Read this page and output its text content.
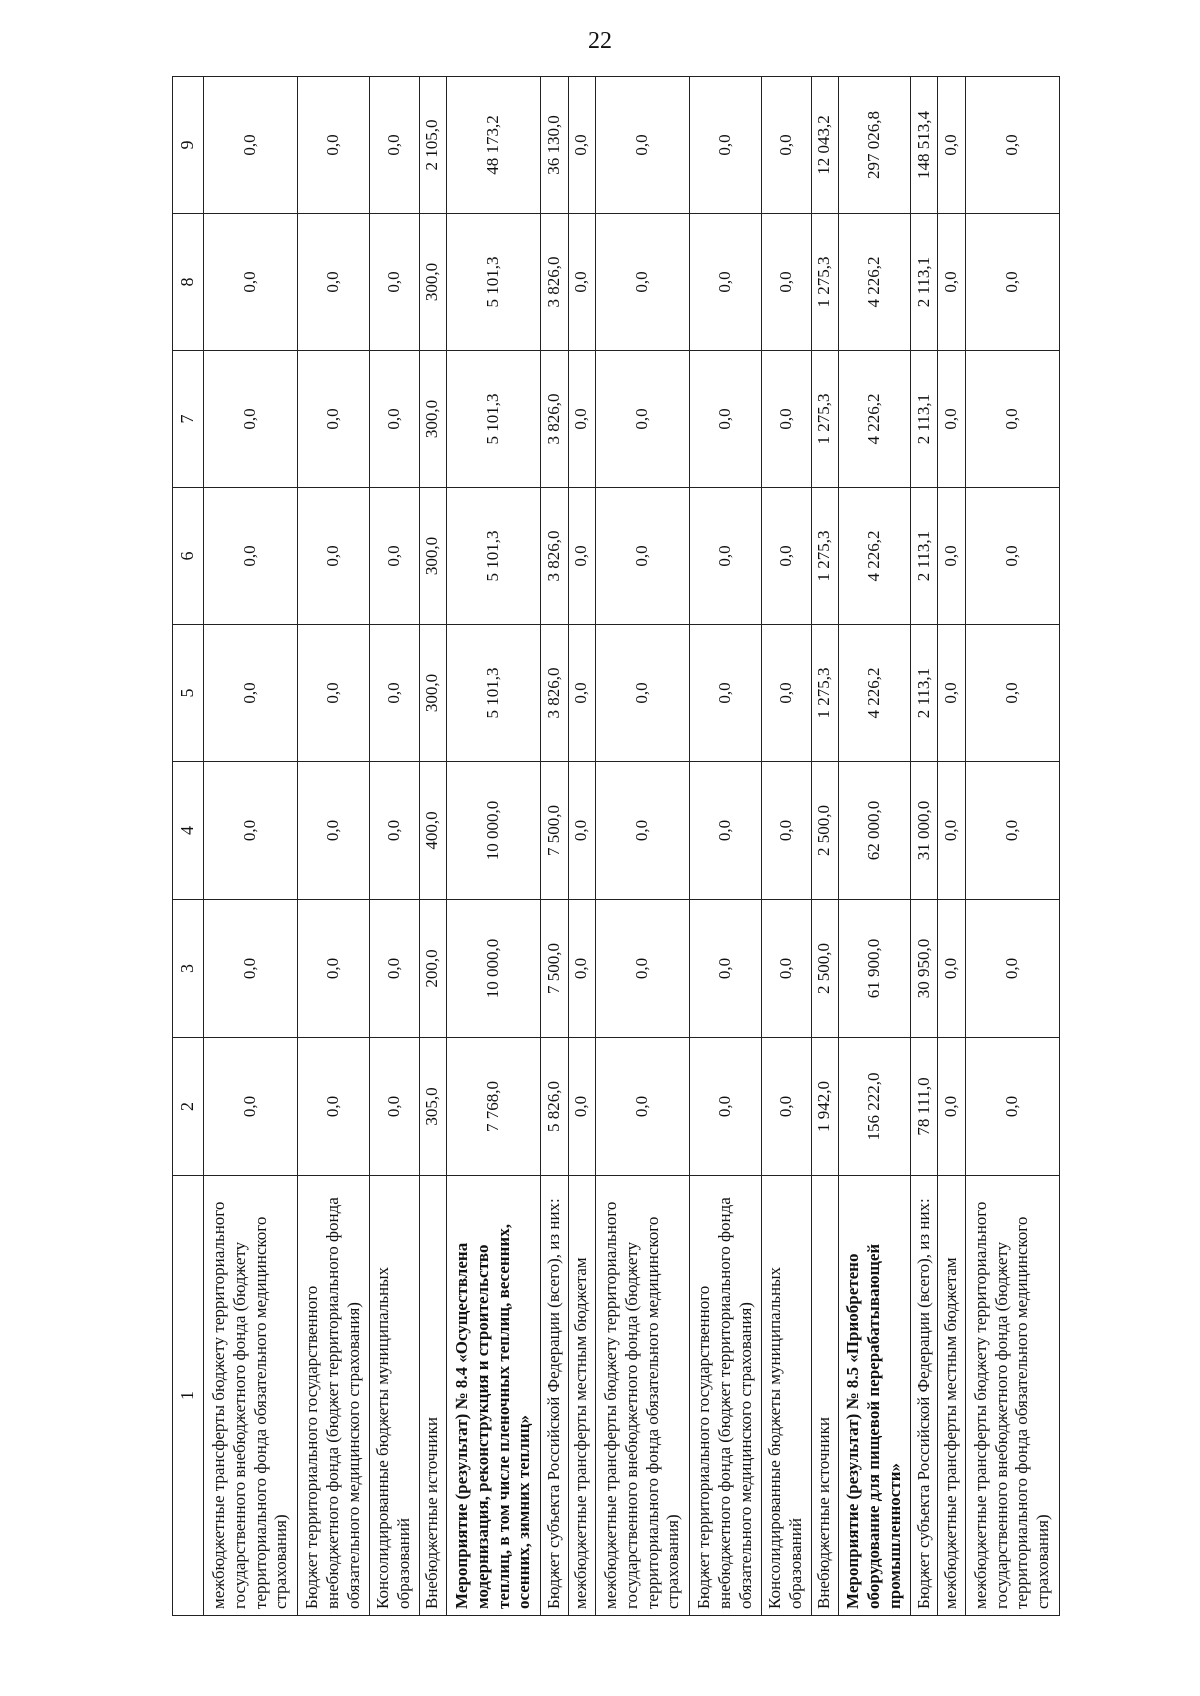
22
1	2	3	4	5	6	7	8	9
межбюджетные трансферты бюджету территориального государственного внебюджетного фонда (бюджету территориального фонда обязательного медицинского страхования)	0,0	0,0	0,0	0,0	0,0	0,0	0,0	0,0
Бюджет территориального государственного внебюджетного фонда (бюджет территориального фонда обязательного медицинского страхования)	0,0	0,0	0,0	0,0	0,0	0,0	0,0	0,0
Консолидированные бюджеты муниципальных образований	0,0	0,0	0,0	0,0	0,0	0,0	0,0	0,0
Внебюджетные источники	305,0	200,0	400,0	300,0	300,0	300,0	300,0	2 105,0
Мероприятие (результат) № 8.4 «Осуществлена модернизация, реконструкция и строительство теплиц, в том числе пленочных теплиц, весенних, осенних, зимних теплиц»	7 768,0	10 000,0	10 000,0	5 101,3	5 101,3	5 101,3	5 101,3	48 173,2
Бюджет субъекта Российской Федерации (всего), из них:	5 826,0	7 500,0	7 500,0	3 826,0	3 826,0	3 826,0	3 826,0	36 130,0
межбюджетные трансферты местным бюджетам	0,0	0,0	0,0	0,0	0,0	0,0	0,0	0,0
межбюджетные трансферты бюджету территориального государственного внебюджетного фонда (бюджету территориального фонда обязательного медицинского страхования)	0,0	0,0	0,0	0,0	0,0	0,0	0,0	0,0
Бюджет территориального государственного внебюджетного фонда (бюджет территориального фонда обязательного медицинского страхования)	0,0	0,0	0,0	0,0	0,0	0,0	0,0	0,0
Консолидированные бюджеты муниципальных образований	0,0	0,0	0,0	0,0	0,0	0,0	0,0	0,0
Внебюджетные источники	1 942,0	2 500,0	2 500,0	1 275,3	1 275,3	1 275,3	1 275,3	12 043,2
Мероприятие (результат) № 8.5 «Приобретено оборудование для пищевой перерабатывающей промышленности»	156 222,0	61 900,0	62 000,0	4 226,2	4 226,2	4 226,2	4 226,2	297 026,8
Бюджет субъекта Российской Федерации (всего), из них:	78 111,0	30 950,0	31 000,0	2 113,1	2 113,1	2 113,1	2 113,1	148 513,4
межбюджетные трансферты местным бюджетам	0,0	0,0	0,0	0,0	0,0	0,0	0,0	0,0
межбюджетные трансферты бюджету территориального государственного внебюджетного фонда (бюджету территориального фонда обязательного медицинского страхования)	0,0	0,0	0,0	0,0	0,0	0,0	0,0	0,0
